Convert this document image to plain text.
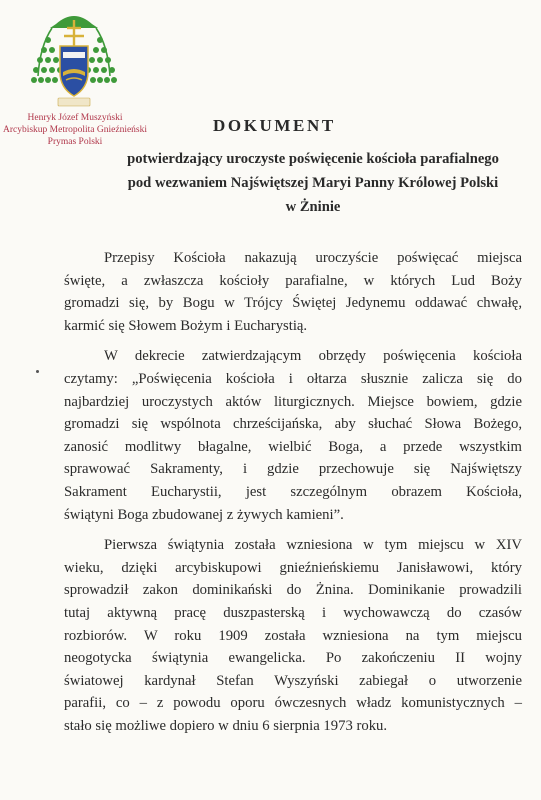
Henryk Józef Muszyński
Arcybiskup Metropolita Gnieźnieński
Prymas Polski
DOKUMENT
potwierdzający uroczyste poświęcenie kościoła parafialnego
pod wezwaniem Najświętszej Maryi Panny Królowej Polski
w Żninie

Przepisy Kościoła nakazują uroczyście poświęcać miejsca
święte, a zwłaszcza kościoły parafialne, w których Lud Boży
gromadzi się, by Bogu w Trójcy Świętej Jedynemu oddawać chwałę,
karmić się Słowem Bożym i Eucharystią.

W dekrecie zatwierdzającym obrzędy poświęcenia kościoła
czytamy: „Poświęcenia kościoła i ołtarza słusznie zalicza się do
najbardziej uroczystych aktów liturgicznych. Miejsce bowiem, gdzie
gromadzi się wspólnota chrześcijańska, aby słuchać Słowa Bożego,
zanosić modlitwy błagalne, wielbić Boga, a przede wszystkim
sprawować Sakramenty, i gdzie przechowuje się Najświętszy
Sakrament Eucharystii, jest szczególnym obrazem Kościoła,
świątyni Boga zbudowanej z żywych kamieni”.

Pierwsza świątynia została wzniesiona w tym miejscu w XIV
wieku, dzięki arcybiskupowi gnieźnieńskiemu Janisławowi, który
sprowadził zakon dominikański do Żnina. Dominikanie prowadzili
tutaj aktywną pracę duszpasterską i wychowawczą do czasów
rozbiorów. W roku 1909 została wzniesiona na tym miejscu
neogotycka świątynia ewangelicka. Po zakończeniu II wojny
światowej kardynał Stefan Wyszyński zabiegał o utworzenie
parafii, co – z powodu oporu ówczesnych władz komunistycznych –
stało się możliwe dopiero w dniu 6 sierpnia 1973 roku.
